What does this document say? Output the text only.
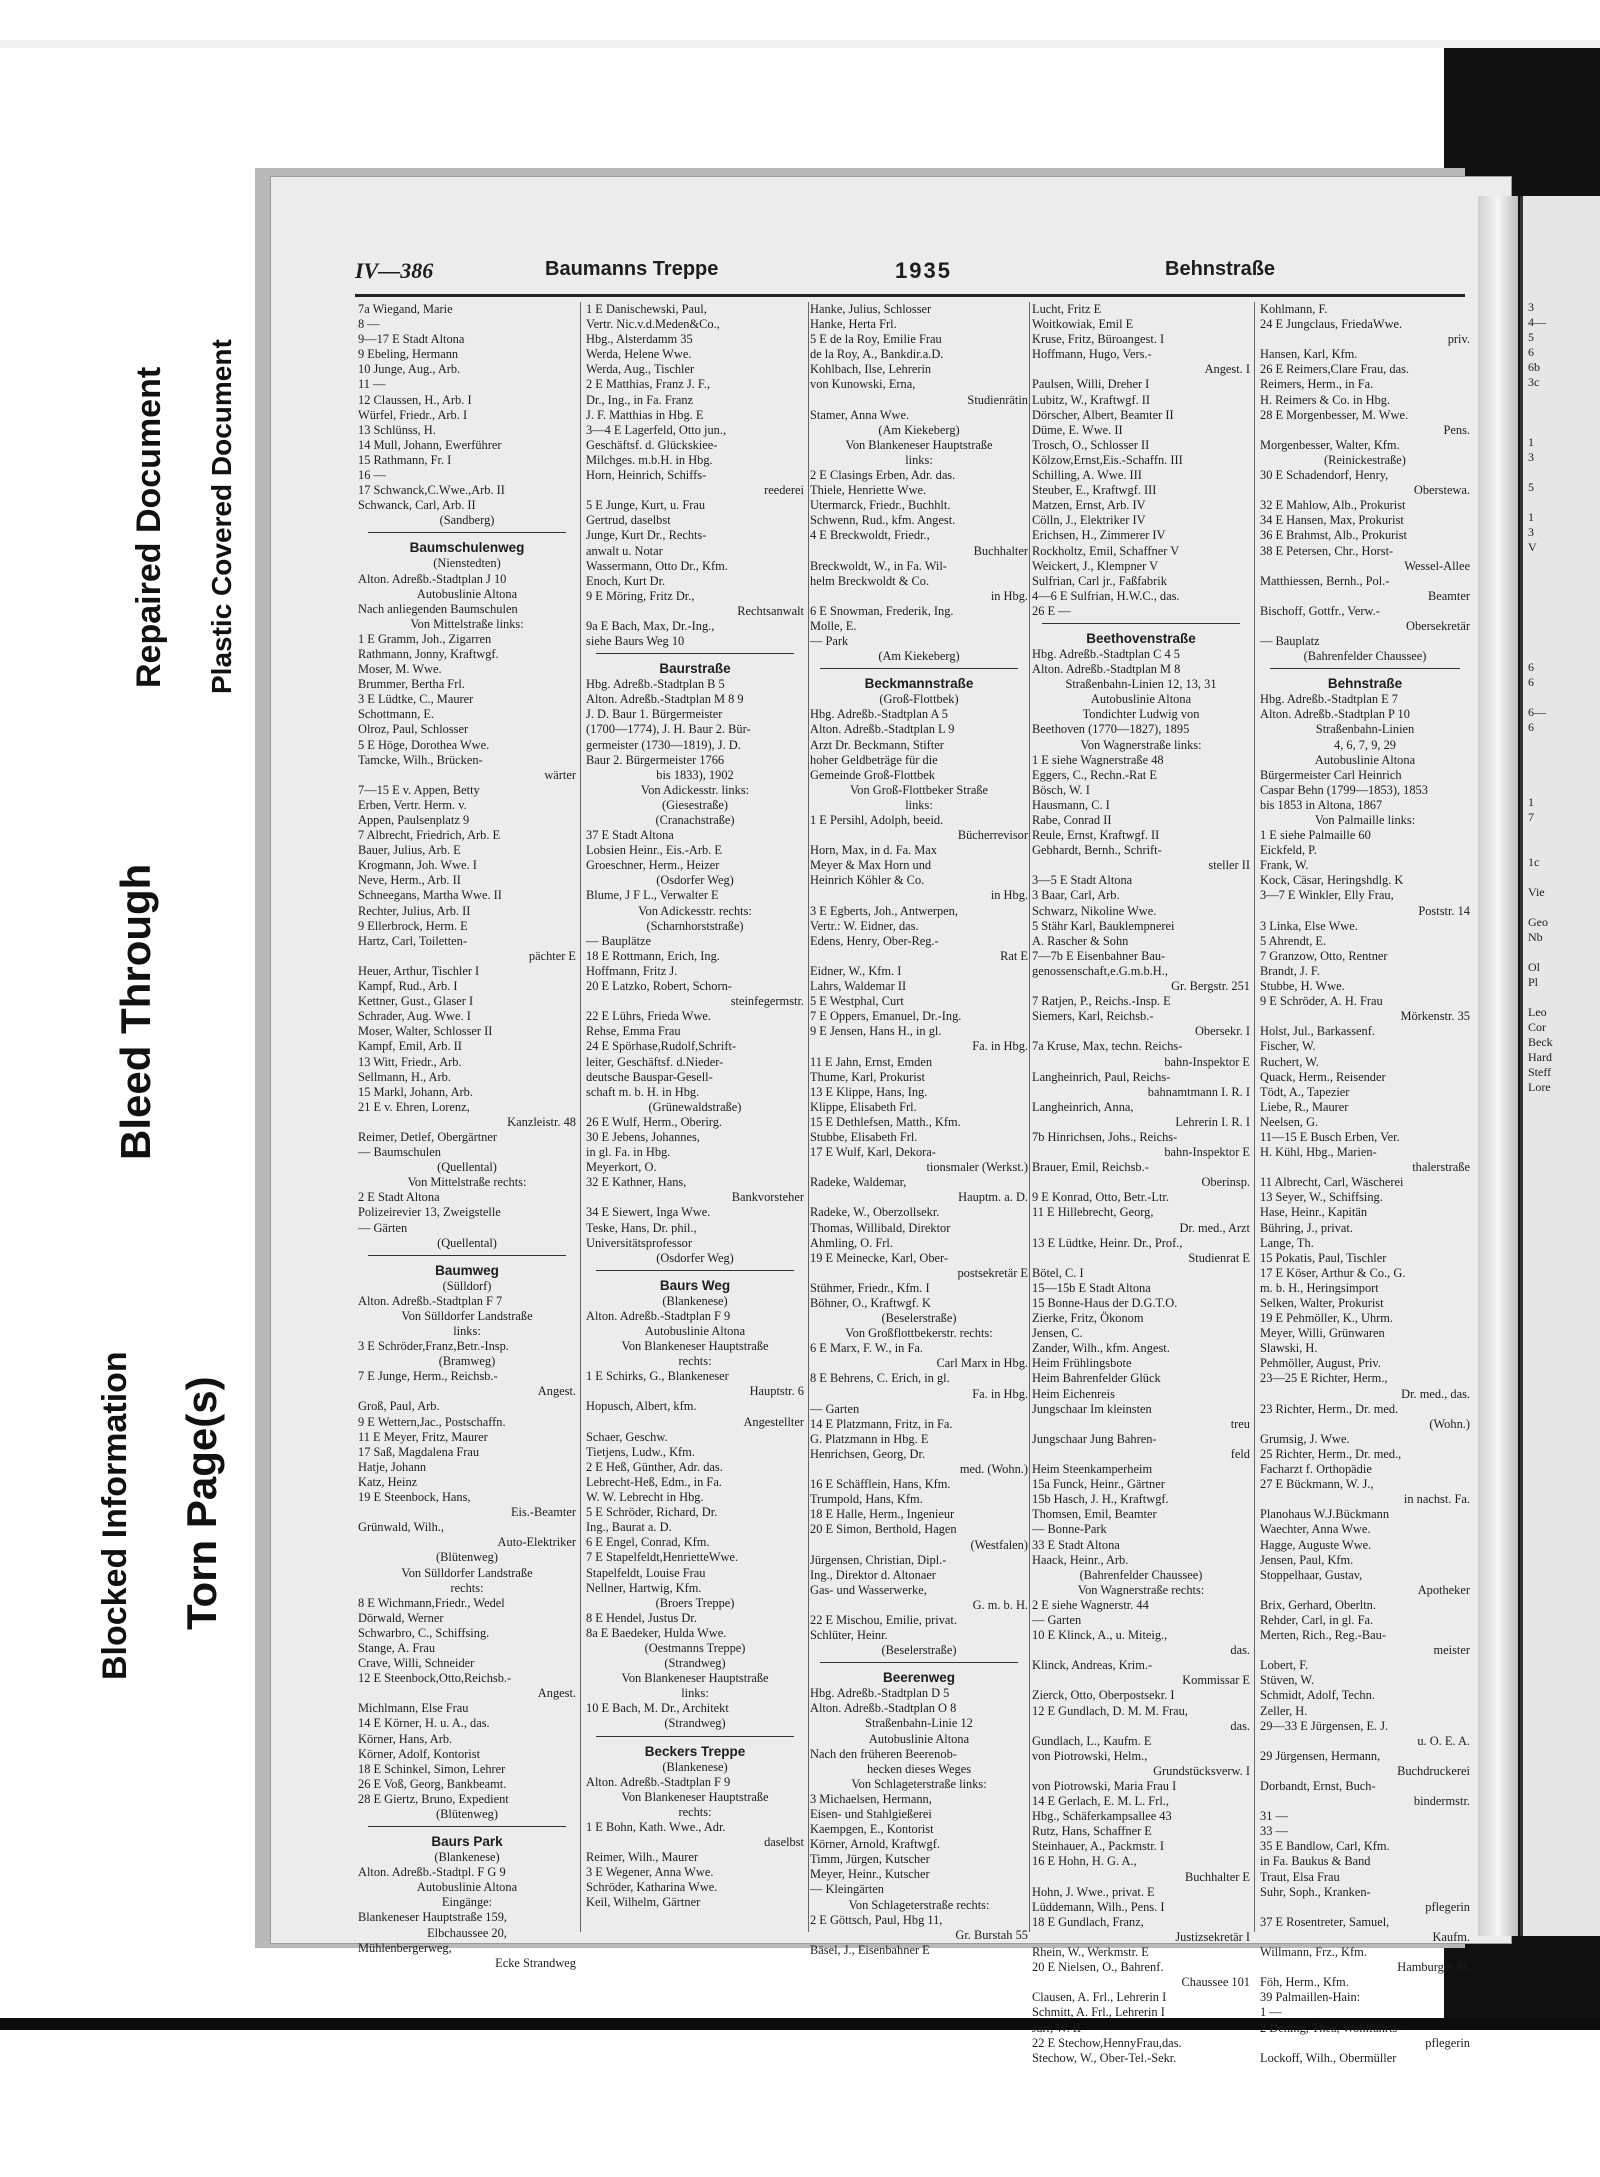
Bleed Through
Repaired Document Plastic Covered Document
Blocked Information Torn Page(s)
IV—386	Baumanns Treppe	1935	Behnstraße
7a Wiegand, Marie
8 —
9—17 E Stadt Altona
9 Ebeling, Hermann
10 Junge, Aug., Arb.
11 —
12 Claussen, H., Arb. I
Würfel, Friedr., Arb. I
13 Schlünss, H.
14 Mull, Johann, Ewerführer
15 Rathmann, Fr. I
16 —
17 Schwanck,C.Wwe.,Arb. II
Schwanck, Carl, Arb. II
(Sandberg)
Baumschulenweg
(Nienstedten)
Alton. Adreßb.-Stadtplan J 10
Autobuslinie Altona
Nach anliegenden Baumschulen
Von Mittelstraße links:
1 E Gramm, Joh., Zigarren
Rathmann, Jonny, Kraftwgf.
Moser, M. Wwe.
Brummer, Bertha Frl.
3 E Lüdtke, C., Maurer
Schottmann, E.
Olroz, Paul, Schlosser
5 E Höge, Dorothea Wwe.
Tamcke, Wilh., Brücken-
wärter
7—15 E v. Appen, Betty
Erben, Vertr. Herm. v.
Appen, Paulsenplatz 9
7 Albrecht, Friedrich, Arb. E
Bauer, Julius, Arb. E
Krogmann, Joh. Wwe. I
Neve, Herm., Arb. II
Schneegans, Martha Wwe. II
Rechter, Julius, Arb. II
9 Ellerbrock, Herm. E
Hartz, Carl, Toiletten-
pächter E
Heuer, Arthur, Tischler I
Kampf, Rud., Arb. I
Kettner, Gust., Glaser I
Schrader, Aug. Wwe. I
Moser, Walter, Schlosser II
Kampf, Emil, Arb. II
13 Witt, Friedr., Arb.
Sellmann, H., Arb.
15 Markl, Johann, Arb.
21 E v. Ehren, Lorenz,
Kanzleistr. 48
Reimer, Detlef, Obergärtner
— Baumschulen
(Quellental)
Von Mittelstraße rechts:
2 E Stadt Altona
Polizeirevier 13, Zweigstelle
— Gärten
(Quellental)
Baumweg
(Sülldorf)
Alton. Adreßb.-Stadtplan F 7
Von Sülldorfer Landstraße
links:
3 E Schröder,Franz,Betr.-Insp.
(Bramweg)
7 E Junge, Herm., Reichsb.-
Angest.
Groß, Paul, Arb.
9 E Wettern,Jac., Postschaffn.
11 E Meyer, Fritz, Maurer
17 Saß, Magdalena Frau
Hatje, Johann
Katz, Heinz
19 E Steenbock, Hans,
Eis.-Beamter
Grünwald, Wilh.,
Auto-Elektriker
(Blütenweg)
Von Sülldorfer Landstraße
rechts:
8 E Wichmann,Friedr., Wedel
Dörwald, Werner
Schwarbro, C., Schiffsing.
Stange, A. Frau
Crave, Willi, Schneider
12 E Steenbock,Otto,Reichsb.-
Angest.
Michlmann, Else Frau
14 E Körner, H. u. A., das.
Körner, Hans, Arb.
Körner, Adolf, Kontorist
18 E Schinkel, Simon, Lehrer
26 E Voß, Georg, Bankbeamt.
28 E Giertz, Bruno, Expedient
(Blütenweg)
Baurs Park
(Blankenese)
Alton. Adreßb.-Stadtpl. F G 9
Autobuslinie Altona
Eingänge:
Blankeneser Hauptstraße 159,
Elbchaussee 20,
Mühlenbergerweg,
Ecke Strandweg
1 E Danischewski, Paul,
Vertr. Nic.v.d.Meden&Co.,
Hbg., Alsterdamm 35
Werda, Helene Wwe.
Werda, Aug., Tischler
2 E Matthias, Franz J. F.,
Dr., Ing., in Fa. Franz
J. F. Matthias in Hbg. E
3—4 E Lagerfeld, Otto jun.,
Geschäftsf. d. Glückskiee-
Milchges. m.b.H. in Hbg.
Horn, Heinrich, Schiffs-
reederei
5 E Junge, Kurt, u. Frau
Gertrud, daselbst
Junge, Kurt Dr., Rechts-
anwalt u. Notar
Wassermann, Otto Dr., Kfm.
Enoch, Kurt Dr.
9 E Möring, Fritz Dr.,
Rechtsanwalt
9a E Bach, Max, Dr.-Ing.,
siehe Baurs Weg 10
Baurstraße
Hbg. Adreßb.-Stadtplan B 5
Alton. Adreßb.-Stadtplan M 8 9
J. D. Baur 1. Bürgermeister
(1700—1774), J. H. Baur 2. Bür-
germeister (1730—1819), J. D.
Baur 2. Bürgermeister 1766
bis 1833), 1902
Von Adickesstr. links:
(Giesestraße)
(Cranachstraße)
37 E Stadt Altona
Lobsien Heinr., Eis.-Arb. E
Groeschner, Herm., Heizer
(Osdorfer Weg)
Blume, J F L., Verwalter E
Von Adickesstr. rechts:
(Scharnhorststraße)
— Bauplätze
18 E Rottmann, Erich, Ing.
Hoffmann, Fritz J.
20 E Latzko, Robert, Schorn-
steinfegermstr.
22 E Lührs, Frieda Wwe.
Rehse, Emma Frau
24 E Spörhase,Rudolf,Schrift-
leiter, Geschäftsf. d.Nieder-
deutsche Bauspar-Gesell-
schaft m. b. H. in Hbg.
(Grünewaldstraße)
26 E Wulf, Herm., Oberirg.
30 E Jebens, Johannes,
in gl. Fa. in Hbg.
Meyerkort, O.
32 E Kathner, Hans,
Bankvorsteher
34 E Siewert, Inga Wwe.
Teske, Hans, Dr. phil.,
Universitätsprofessor
(Osdorfer Weg)
Baurs Weg
(Blankenese)
Alton. Adreßb.-Stadtplan F 9
Autobuslinie Altona
Von Blankeneser Hauptstraße
rechts:
1 E Schirks, G., Blankeneser
Hauptstr. 6
Hopusch, Albert, kfm.
Angestellter
Schaer, Geschw.
Tietjens, Ludw., Kfm.
2 E Heß, Günther, Adr. das.
Lebrecht-Heß, Edm., in Fa.
W. W. Lebrecht in Hbg.
5 E Schröder, Richard, Dr.
Ing., Baurat a. D.
6 E Engel, Conrad, Kfm.
7 E Stapelfeldt,HenrietteWwe.
Stapelfeldt, Louise Frau
Nellner, Hartwig, Kfm.
(Broers Treppe)
8 E Hendel, Justus Dr.
8a E Baedeker, Hulda Wwe.
(Oestmanns Treppe)
(Strandweg)
Von Blankeneser Hauptstraße
links:
10 E Bach, M. Dr., Architekt
(Strandweg)
Beckers Treppe
(Blankenese)
Alton. Adreßb.-Stadtplan F 9
Von Blankeneser Hauptstraße
rechts:
1 E Bohn, Kath. Wwe., Adr.
daselbst
Reimer, Wilh., Maurer
3 E Wegener, Anna Wwe.
Schröder, Katharina Wwe.
Keil, Wilhelm, Gärtner
Hanke, Julius, Schlosser
Hanke, Herta Frl.
5 E de la Roy, Emilie Frau
de la Roy, A., Bankdir.a.D.
Kohlbach, Ilse, Lehrerin
von Kunowski, Erna,
Studienrätin
Stamer, Anna Wwe.
(Am Kiekeberg)
Von Blankeneser Hauptstraße
links:
2 E Clasings Erben, Adr. das.
Thiele, Henriette Wwe.
Utermarck, Friedr., Buchhlt.
Schwenn, Rud., kfm. Angest.
4 E Breckwoldt, Friedr.,
Buchhalter
Breckwoldt, W., in Fa. Wil-
helm Breckwoldt & Co.
in Hbg.
6 E Snowman, Frederik, Ing.
Molle, E.
— Park
(Am Kiekeberg)
Beckmannstraße
(Groß-Flottbek)
Hbg. Adreßb.-Stadtplan A 5
Alton. Adreßb.-Stadtplan L 9
Arzt Dr. Beckmann, Stifter
hoher Geldbeträge für die
Gemeinde Groß-Flottbek
Von Groß-Flottbeker Straße
links:
1 E Persihl, Adolph, beeid.
Bücherrevisor
Horn, Max, in d. Fa. Max
Meyer & Max Horn und
Heinrich Köhler & Co.
in Hbg.
3 E Egberts, Joh., Antwerpen,
Vertr.: W. Eidner, das.
Edens, Henry, Ober-Reg.-
Rat E
Eidner, W., Kfm. I
Lahrs, Waldemar II
5 E Westphal, Curt
7 E Oppers, Emanuel, Dr.-Ing.
9 E Jensen, Hans H., in gl.
Fa. in Hbg.
11 E Jahn, Ernst, Emden
Thume, Karl, Prokurist
13 E Klippe, Hans, Ing.
Klippe, Elisabeth Frl.
15 E Dethlefsen, Matth., Kfm.
Stubbe, Elisabeth Frl.
17 E Wulf, Karl, Dekora-
tionsmaler (Werkst.)
Radeke, Waldemar,
Hauptm. a. D.
Radeke, W., Oberzollsekr.
Thomas, Willibald, Direktor
Ahmling, O. Frl.
19 E Meinecke, Karl, Ober-
postsekretär E
Stühmer, Friedr., Kfm. I
Böhner, O., Kraftwgf. K
(Beselerstraße)
Von Großflottbekerstr. rechts:
6 E Marx, F. W., in Fa.
Carl Marx in Hbg.
8 E Behrens, C. Erich, in gl.
Fa. in Hbg.
— Garten
14 E Platzmann, Fritz, in Fa.
G. Platzmann in Hbg. E
Henrichsen, Georg, Dr.
med. (Wohn.)
16 E Schäfflein, Hans, Kfm.
Trumpold, Hans, Kfm.
18 E Halle, Herm., Ingenieur
20 E Simon, Berthold, Hagen
(Westfalen)
Jürgensen, Christian, Dipl.-
Ing., Direktor d. Altonaer
Gas- und Wasserwerke,
G. m. b. H.
22 E Mischou, Emilie, privat.
Schlüter, Heinr.
(Beselerstraße)
Beerenweg
Hbg. Adreßb.-Stadtplan D 5
Alton. Adreßb.-Stadtplan O 8
Straßenbahn-Linie 12
Autobuslinie Altona
Nach den früheren Beerenob-
hecken dieses Weges
Von Schlageterstraße links:
3 Michaelsen, Hermann,
Eisen- und Stahlgießerei
Kaempgen, E., Kontorist
Körner, Arnold, Kraftwgf.
Timm, Jürgen, Kutscher
Meyer, Heinr., Kutscher
— Kleingärten
Von Schlageterstraße rechts:
2 E Göttsch, Paul, Hbg 11,
Gr. Burstah 55
Bäsel, J., Eisenbahner E
Lucht, Fritz E
Woitkowiak, Emil E
Kruse, Fritz, Büroangest. I
Hoffmann, Hugo, Vers.-
Angest. I
Paulsen, Willi, Dreher I
Lubitz, W., Kraftwgf. II
Dörscher, Albert, Beamter II
Düme, E. Wwe. II
Trosch, O., Schlosser II
Kölzow,Ernst,Eis.-Schaffn. III
Schilling, A. Wwe. III
Steuber, E., Kraftwgf. III
Matzen, Ernst, Arb. IV
Cölln, J., Elektriker IV
Erichsen, H., Zimmerer IV
Rockholtz, Emil, Schaffner V
Weickert, J., Klempner V
Sulfrian, Carl jr., Faßfabrik
4—6 E Sulfrian, H.W.C., das.
26 E —
Beethovenstraße
Hbg. Adreßb.-Stadtplan C 4 5
Alton. Adreßb.-Stadtplan M 8
Straßenbahn-Linien 12, 13, 31
Autobuslinie Altona
Tondichter Ludwig von
Beethoven (1770—1827), 1895
Von Wagnerstraße links:
1 E siehe Wagnerstraße 48
Eggers, C., Rechn.-Rat E
Bösch, W. I
Hausmann, C. I
Rabe, Conrad II
Reule, Ernst, Kraftwgf. II
Gebhardt, Bernh., Schrift-
steller II
3—5 E Stadt Altona
3 Baar, Carl, Arb.
Schwarz, Nikoline Wwe.
5 Stähr Karl, Bauklempnerei
A. Rascher & Sohn
7—7b E Eisenbahner Bau-
genossenschaft,e.G.m.b.H.,
Gr. Bergstr. 251
7 Ratjen, P., Reichs.-Insp. E
Siemers, Karl, Reichsb.-
Obersekr. I
7a Kruse, Max, techn. Reichs-
bahn-Inspektor E
Langheinrich, Paul, Reichs-
bahnamtmann I. R. I
Langheinrich, Anna,
Lehrerin I. R. I
7b Hinrichsen, Johs., Reichs-
bahn-Inspektor E
Brauer, Emil, Reichsb.-
Oberinsp.
9 E Konrad, Otto, Betr.-Ltr.
11 E Hillebrecht, Georg,
Dr. med., Arzt
13 E Lüdtke, Heinr. Dr., Prof.,
Studienrat E
Bötel, C. I
15—15b E Stadt Altona
15 Bonne-Haus der D.G.T.O.
Zierke, Fritz, Ökonom
Jensen, C.
Zander, Wilh., kfm. Angest.
Heim Frühlingsbote
Heim Bahrenfelder Glück
Heim Eichenreis
Jungschaar Im kleinsten
treu
Jungschaar Jung Bahren-
feld
Heim Steenkamperheim
15a Funck, Heinr., Gärtner
15b Hasch, J. H., Kraftwgf.
Thomsen, Emil, Beamter
— Bonne-Park
33 E Stadt Altona
Haack, Heinr., Arb.
(Bahrenfelder Chaussee)
Von Wagnerstraße rechts:
2 E siehe Wagnerstr. 44
— Garten
10 E Klinck, A., u. Miteig.,
das.
Klinck, Andreas, Krim.-
Kommissar E
Zierck, Otto, Oberpostsekr. I
12 E Gundlach, D. M. M. Frau,
das.
Gundlach, L., Kaufm. E
von Piotrowski, Helm.,
Grundstücksverw. I
von Piotrowski, Maria Frau I
14 E Gerlach, E. M. L. Frl.,
Hbg., Schäferkampsallee 43
Rutz, Hans, Schaffner E
Steinhauer, A., Packmstr. I
16 E Hohn, H. G. A.,
Buchhalter E
Hohn, J. Wwe., privat. E
Lüddemann, Wilh., Pens. I
18 E Gundlach, Franz,
Justizsekretär I
Rhein, W., Werkmstr. E
20 E Nielsen, O., Bahrenf.
Chaussee 101
Clausen, A. Frl., Lehrerin I
Schmitt, A. Frl., Lehrerin I
Jarr, W. II
22 E Stechow,HennyFrau,das.
Stechow, W., Ober-Tel.-Sekr.
Kohlmann, F.
24 E Jungclaus, FriedaWwe.
priv.
Hansen, Karl, Kfm.
26 E Reimers,Clare Frau, das.
Reimers, Herm., in Fa.
H. Reimers & Co. in Hbg.
28 E Morgenbesser, M. Wwe.
Pens.
Morgenbesser, Walter, Kfm.
(Reinickestraße)
30 E Schadendorf, Henry,
Oberstewa.
32 E Mahlow, Alb., Prokurist
34 E Hansen, Max, Prokurist
36 E Brahmst, Alb., Prokurist
38 E Petersen, Chr., Horst-
Wessel-Allee
Matthiessen, Bernh., Pol.-
Beamter
Bischoff, Gottfr., Verw.-
Obersekretär
— Bauplatz
(Bahrenfelder Chaussee)
Behnstraße
Hbg. Adreßb.-Stadtplan E 7
Alton. Adreßb.-Stadtplan P 10
Straßenbahn-Linien
4, 6, 7, 9, 29
Autobuslinie Altona
Bürgermeister Carl Heinrich
Caspar Behn (1799—1853), 1853
bis 1853 in Altona, 1867
Von Palmaille links:
1 E siehe Palmaille 60
Eickfeld, P.
Frank, W.
Kock, Cäsar, Heringshdlg. K
3—7 E Winkler, Elly Frau,
Poststr. 14
3 Linka, Else Wwe.
5 Ahrendt, E.
7 Granzow, Otto, Rentner
Brandt, J. F.
Stubbe, H. Wwe.
9 E Schröder, A. H. Frau
Mörkenstr. 35
Holst, Jul., Barkassenf.
Fischer, W.
Ruchert, W.
Quack, Herm., Reisender
Tödt, A., Tapezier
Liebe, R., Maurer
Neelsen, G.
11—15 E Busch Erben, Ver.
H. Kühl, Hbg., Marien-
thalerstraße
11 Albrecht, Carl, Wäscherei
13 Seyer, W., Schiffsing.
Hase, Heinr., Kapitän
Bühring, J., privat.
Lange, Th.
15 Pokatis, Paul, Tischler
17 E Köser, Arthur & Co., G.
m. b. H., Heringsimport
Selken, Walter, Prokurist
19 E Pehmöller, K., Uhrm.
Meyer, Willi, Grünwaren
Slawski, H.
Pehmöller, August, Priv.
23—25 E Richter, Herm.,
Dr. med., das.
23 Richter, Herm., Dr. med.
(Wohn.)
Grumsig, J. Wwe.
25 Richter, Herm., Dr. med.,
Facharzt f. Orthopädie
27 E Bückmann, W. J.,
in nachst. Fa.
Planohaus W.J.Bückmann
Waechter, Anna Wwe.
Hagge, Auguste Wwe.
Jensen, Paul, Kfm.
Stoppelhaar, Gustav,
Apotheker
Brix, Gerhard, Oberltn.
Rehder, Carl, in gl. Fa.
Merten, Rich., Reg.-Bau-
meister
Lobert, F.
Stüven, W.
Schmidt, Adolf, Techn.
Zeller, H.
29—33 E Jürgensen, E. J.
u. O. E. A.
29 Jürgensen, Hermann,
Buchdruckerei
Dorbandt, Ernst, Buch-
bindermstr.
31 —
33 —
35 E Bandlow, Carl, Kfm.
in Fa. Baukus & Band
Traut, Elsa Frau
Suhr, Soph., Kranken-
pflegerin
37 E Rosentreter, Samuel,
Kaufm.
Willmann, Frz., Kfm.
Hamburger St.
Föh, Herm., Kfm.
39 Palmaillen-Hain:
1 —
2 Dening, Thea, Wohlfahrts-
pflegerin
Lockoff, Wilh., Obermüller
3
4—
5
6
6b
3c

1
3

5

1
3
V

6
6

6—
6

1
7

1c

Vie

Geo
Nb

Ol
Pl

Leo
Cor
Beck
Hard
Steff
Lore
